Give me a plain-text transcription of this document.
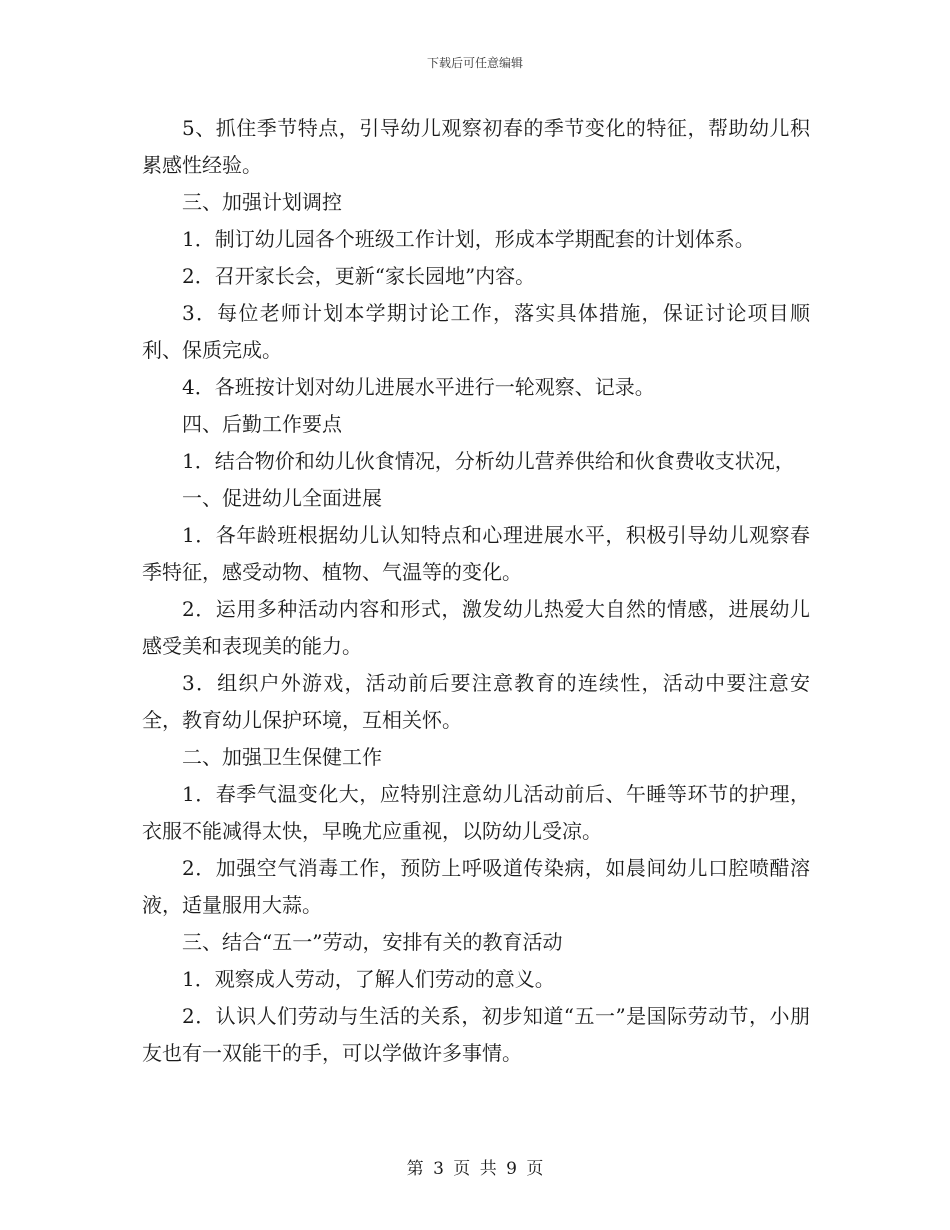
下载后可任意编辑

5、抓住季节特点，引导幼儿观察初春的季节变化的特征，帮助幼儿积累感性经验。

三、加强计划调控

1．制订幼儿园各个班级工作计划，形成本学期配套的计划体系。

2．召开家长会，更新“家长园地”内容。

3．每位老师计划本学期讨论工作，落实具体措施，保证讨论项目顺利、保质完成。

4．各班按计划对幼儿进展水平进行一轮观察、记录。

四、后勤工作要点

1．结合物价和幼儿伙食情况，分析幼儿营养供给和伙食费收支状况，

一、促进幼儿全面进展

1．各年龄班根据幼儿认知特点和心理进展水平，积极引导幼儿观察春季特征，感受动物、植物、气温等的变化。

2．运用多种活动内容和形式，激发幼儿热爱大自然的情感，进展幼儿感受美和表现美的能力。

3．组织户外游戏，活动前后要注意教育的连续性，活动中要注意安全，教育幼儿保护环境，互相关怀。

二、加强卫生保健工作

1．春季气温变化大，应特别注意幼儿活动前后、午睡等环节的护理，衣服不能减得太快，早晚尤应重视，以防幼儿受凉。

2．加强空气消毒工作，预防上呼吸道传染病，如晨间幼儿口腔喷醋溶液，适量服用大蒜。

三、结合“五一”劳动，安排有关的教育活动

1．观察成人劳动，了解人们劳动的意义。

2．认识人们劳动与生活的关系，初步知道“五一”是国际劳动节，小朋友也有一双能干的手，可以学做许多事情。

第 3 页 共 9 页
